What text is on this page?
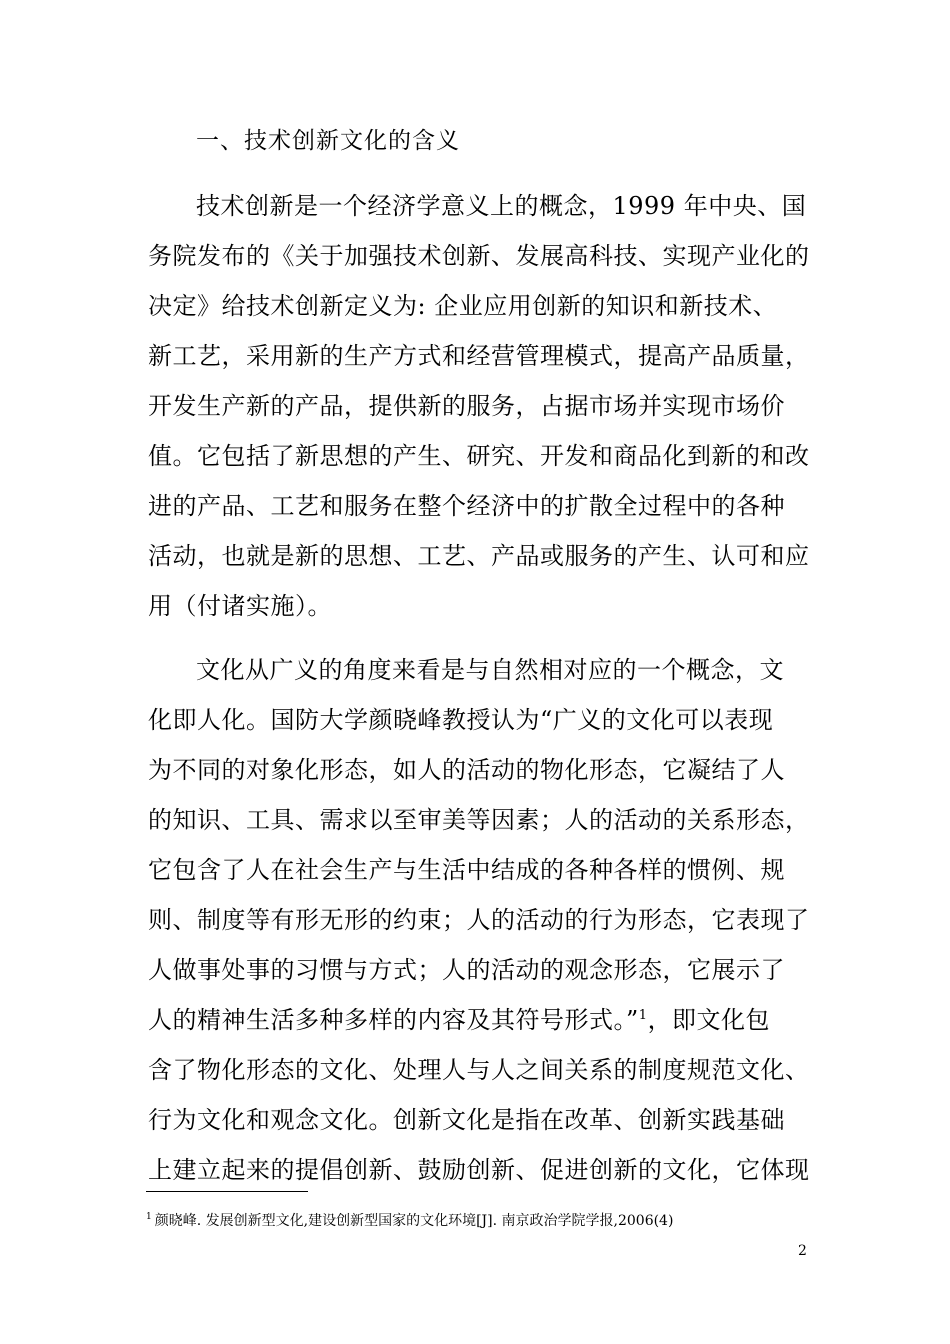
一、技术创新文化的含义
技术创新是一个经济学意义上的概念，1999 年中央、国
务院发布的《关于加强技术创新、发展高科技、实现产业化的
决定》给技术创新定义为: 企业应用创新的知识和新技术、
新工艺，采用新的生产方式和经营管理模式，提高产品质量，
开发生产新的产品，提供新的服务，占据市场并实现市场价
值。它包括了新思想的产生、研究、开发和商品化到新的和改
进的产品、工艺和服务在整个经济中的扩散全过程中的各种
活动，也就是新的思想、工艺、产品或服务的产生、认可和应
用（付诸实施）。
文化从广义的角度来看是与自然相对应的一个概念，文
化即人化。国防大学颜晓峰教授认为“广义的文化可以表现
为不同的对象化形态，如人的活动的物化形态，它凝结了人
的知识、工具、需求以至审美等因素；人的活动的关系形态，
它包含了人在社会生产与生活中结成的各种各样的惯例、规
则、制度等有形无形的约束；人的活动的行为形态，它表现了
人做事处事的习惯与方式；人的活动的观念形态，它展示了
人的精神生活多种多样的内容及其符号形式。”$^1$，即文化包
含了物化形态的文化、处理人与人之间关系的制度规范文化、
行为文化和观念文化。创新文化是指在改革、创新实践基础
上建立起来的提倡创新、鼓励创新、促进创新的文化，它体现
$^1$ 颜晓峰. 发展创新型文化,建设创新型国家的文化环境[J]. 南京政治学院学报,2006(4)
2
